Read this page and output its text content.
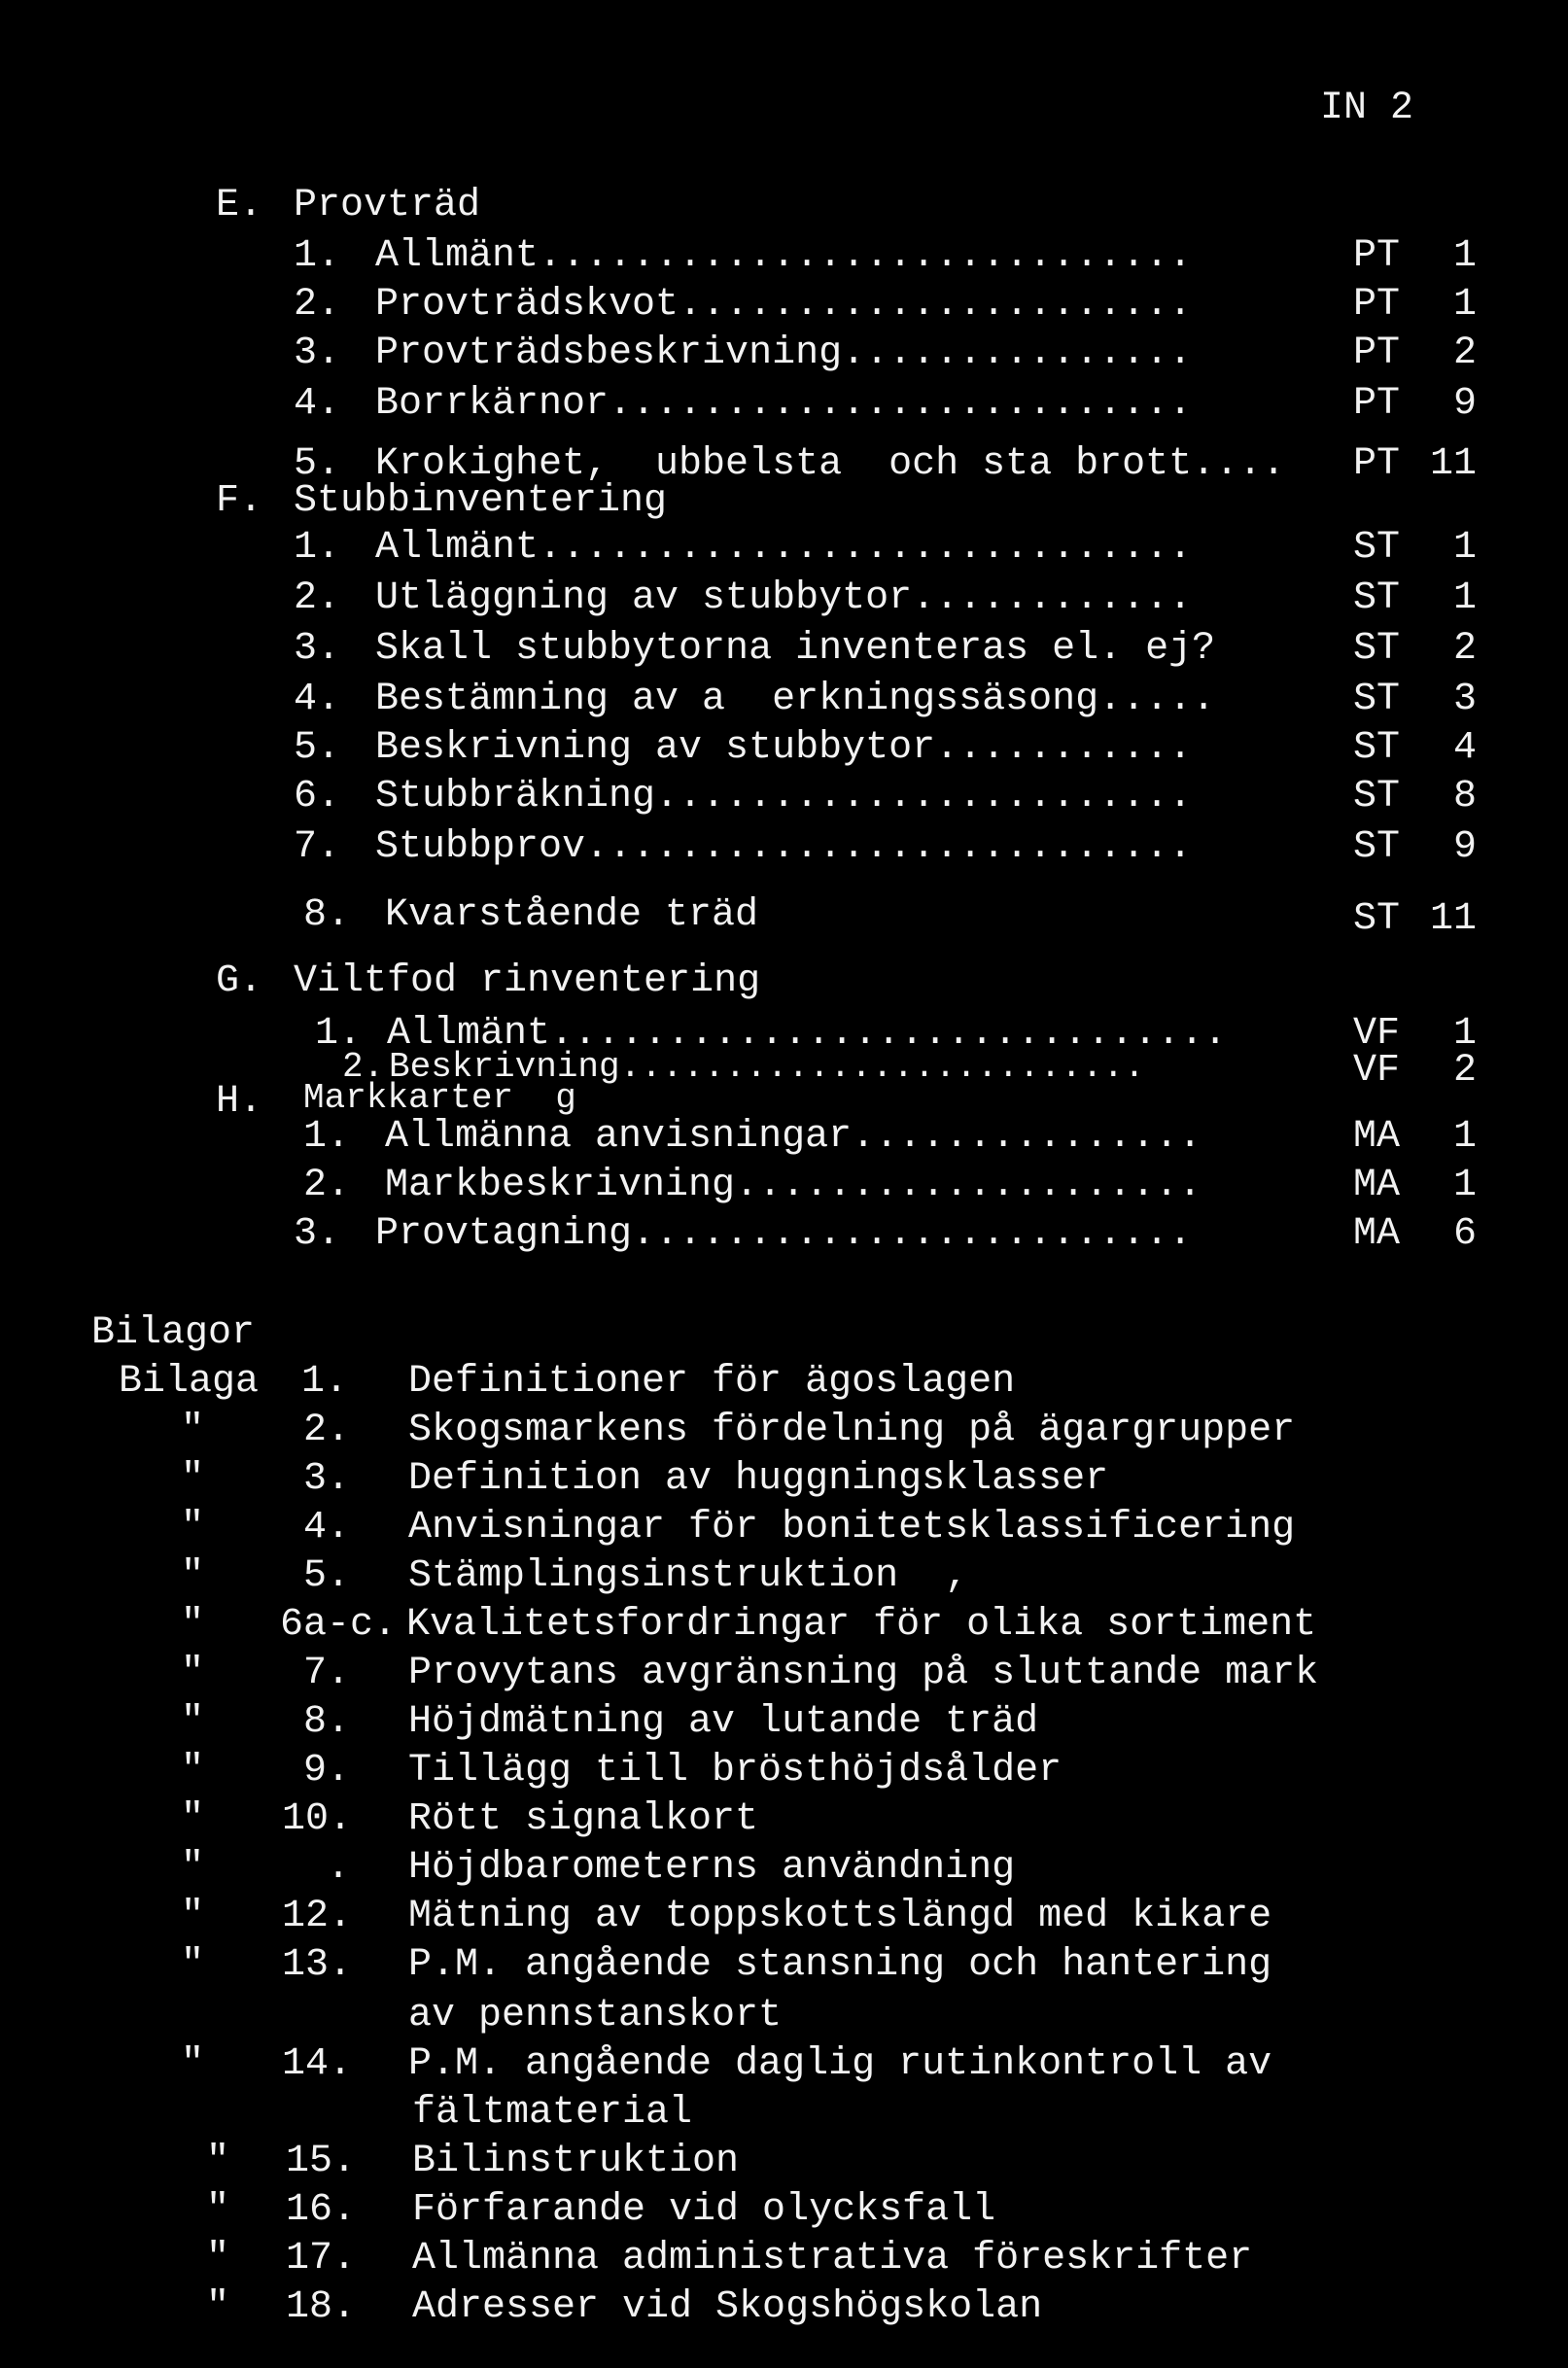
IN 2
E. Provträd
1. Allmänt............................	PT 1
2. Provträdskvot......................	PT 1
3. Provträdsbeskrivning...............	PT 2
4. Borrkärnor.........................	PT 9
5. Krokighet,  ubbelsta  och sta brott.... PT 11
F. Stubbinventering
1. Allmänt............................	ST 1
2. Utläggning av stubbytor............	ST 1
3. Skall stubbytorna inventeras el. ej?	ST 2
4. Bestämning av a  erkningssäsong.....	ST 3
5. Beskrivning av stubbytor...........	ST 4
6. Stubbräkning.......................	ST 8
7. Stubbprov..........................	ST 9
8. Kvarstående träd	ST 11
G. Viltfod rinventering
1. Allmänt.............................	VF 1
2. Beskrivning.........................	VF 2
H. Markkarter  g
1. Allmänna anvisningar...............	MA 1
2. Markbeskrivning....................	MA 1
3. Provtagning........................	MA 6
Bilagor
Bilaga 1. Definitioner för ägoslagen
"	2. Skogsmarkens fördelning på ägargrupper
"	3. Definition av huggningsklasser
"	4. Anvisningar för bonitetsklassificering
"	5. Stämplingsinstruktion  ,
" 6a-c. Kvalitetsfordringar för olika sortiment
"	7. Provytans avgränsning på sluttande mark
"	8. Höjdmätning av lutande träd
"	9. Tillägg till brösthöjdsålder
" 10. Rött signalkort
"	. Höjdbarometerns användning
" 12. Mätning av toppskottslängd med kikare
" 13. P.M. angående stansning och hantering
av pennstanskort
" 14. P.M. angående daglig rutinkontroll av
fältmaterial
" 15. Bilinstruktion
" 16. Förfarande vid olycksfall
" 17. Allmänna administrativa föreskrifter
" 18. Adresser vid Skogshögskolan
